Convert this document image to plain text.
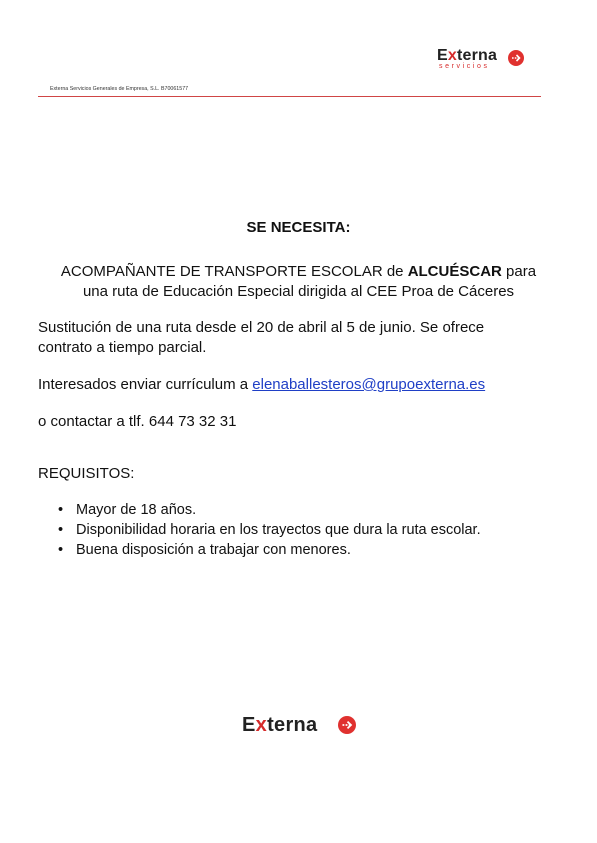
Externa
servicios
Externa Servicios Generales de Empresa, S.L. B70061577
SE NECESITA:
ACOMPAÑANTE DE TRANSPORTE ESCOLAR de ALCUÉSCAR para
una ruta de Educación Especial dirigida al CEE Proa de Cáceres
Sustitución de una ruta desde el 20 de abril al 5 de junio. Se ofrece
contrato a tiempo parcial.
Interesados enviar currículum a elenaballesteros@grupoexterna.es
o contactar a tlf. 644 73 32 31
REQUISITOS:
• Mayor de 18 años.
• Disponibilidad horaria en los trayectos que dura la ruta escolar.
• Buena disposición a trabajar con menores.
Externa
